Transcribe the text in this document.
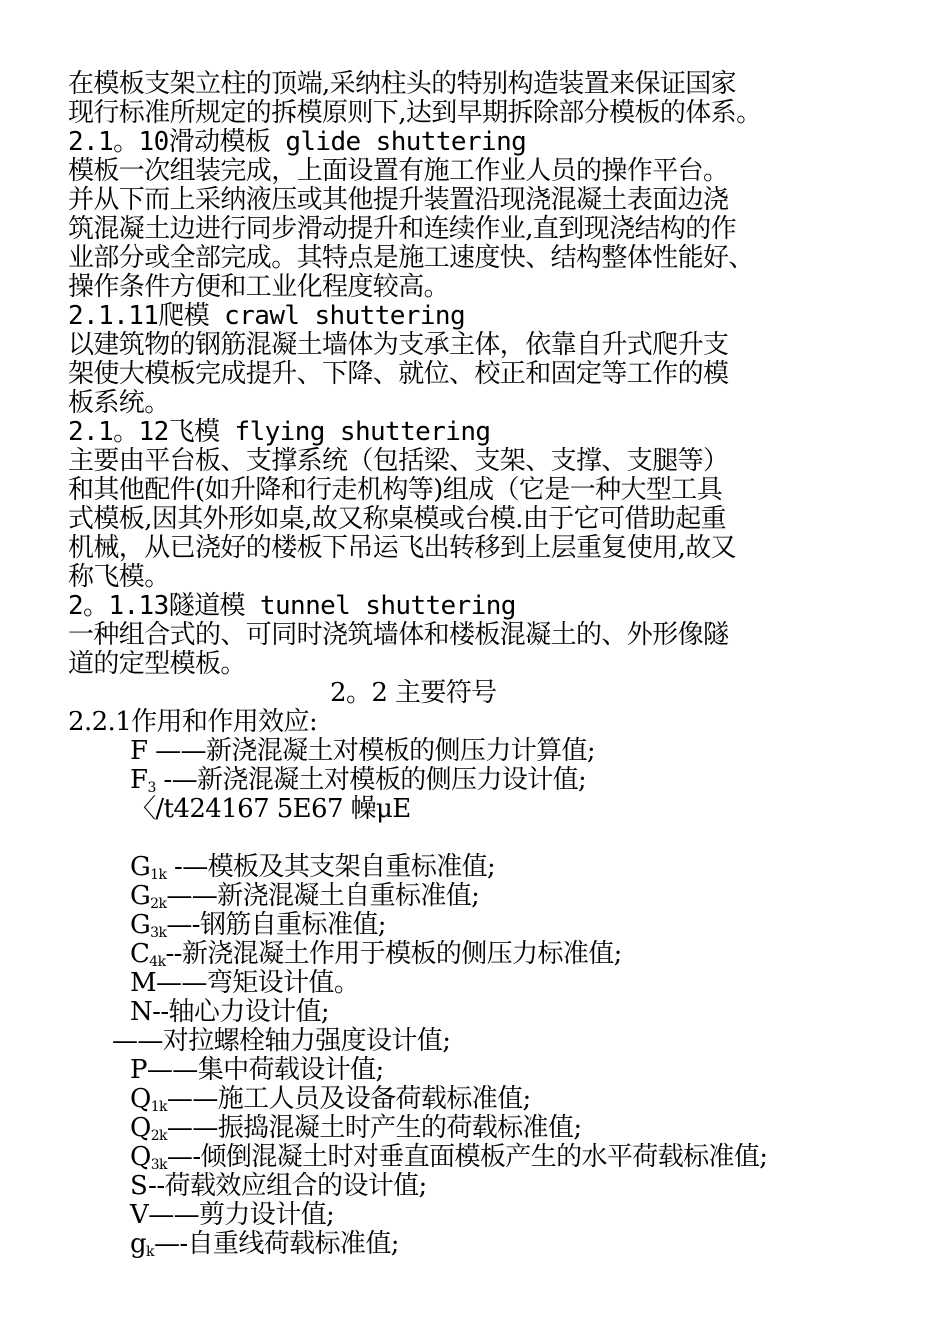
在模板支架立柱的顶端,采纳柱头的特别构造装置来保证国家
现行标准所规定的拆模原则下,达到早期拆除部分模板的体系。
2.1。10滑动模板 glide shuttering
模板一次组装完成，上面设置有施工作业人员的操作平台。
并从下而上采纳液压或其他提升装置沿现浇混凝土表面边浇
筑混凝土边进行同步滑动提升和连续作业,直到现浇结构的作
业部分或全部完成。其特点是施工速度快、结构整体性能好、
操作条件方便和工业化程度较高。
2.1.11爬模 crawl shuttering
以建筑物的钢筋混凝土墙体为支承主体，依靠自升式爬升支
架使大模板完成提升、下降、就位、校正和固定等工作的模
板系统。
2.1。12飞模 flying shuttering
主要由平台板、支撑系统（包括梁、支架、支撑、支腿等）
和其他配件(如升降和行走机构等)组成（它是一种大型工具
式模板,因其外形如桌,故又称桌模或台模.由于它可借助起重
机械，从已浇好的楼板下吊运飞出转移到上层重复使用,故又
称飞模。
2。1.13隧道模 tunnel shuttering
一种组合式的、可同时浇筑墙体和楼板混凝土的、外形像隧
道的定型模板。
2。2 主要符号
2.2.1作用和作用效应:
F ——新浇混凝土对模板的侧压力计算值;
$F_3$ -—新浇混凝土对模板的侧压力设计值;
〈/t424167 5E67 幧μE
$G_{1k}$ -—模板及其支架自重标准值;
$G_{2k}——$新浇混凝土自重标准值;
$G_{3k}—-$钢筋自重标准值;
$C_{4k}--$新浇混凝土作用于模板的侧压力标准值;
M——弯矩设计值。
N--轴心力设计值;
——对拉螺栓轴力强度设计值;
P——集中荷载设计值;
$Q_{1k}——$施工人员及设备荷载标准值;
$Q_{2k}——$振捣混凝土时产生的荷载标准值;
$Q_{3k}—-$倾倒混凝土时对垂直面模板产生的水平荷载标准值;
S--荷载效应组合的设计值;
V——剪力设计值;
$g_k—-$自重线荷载标准值;
